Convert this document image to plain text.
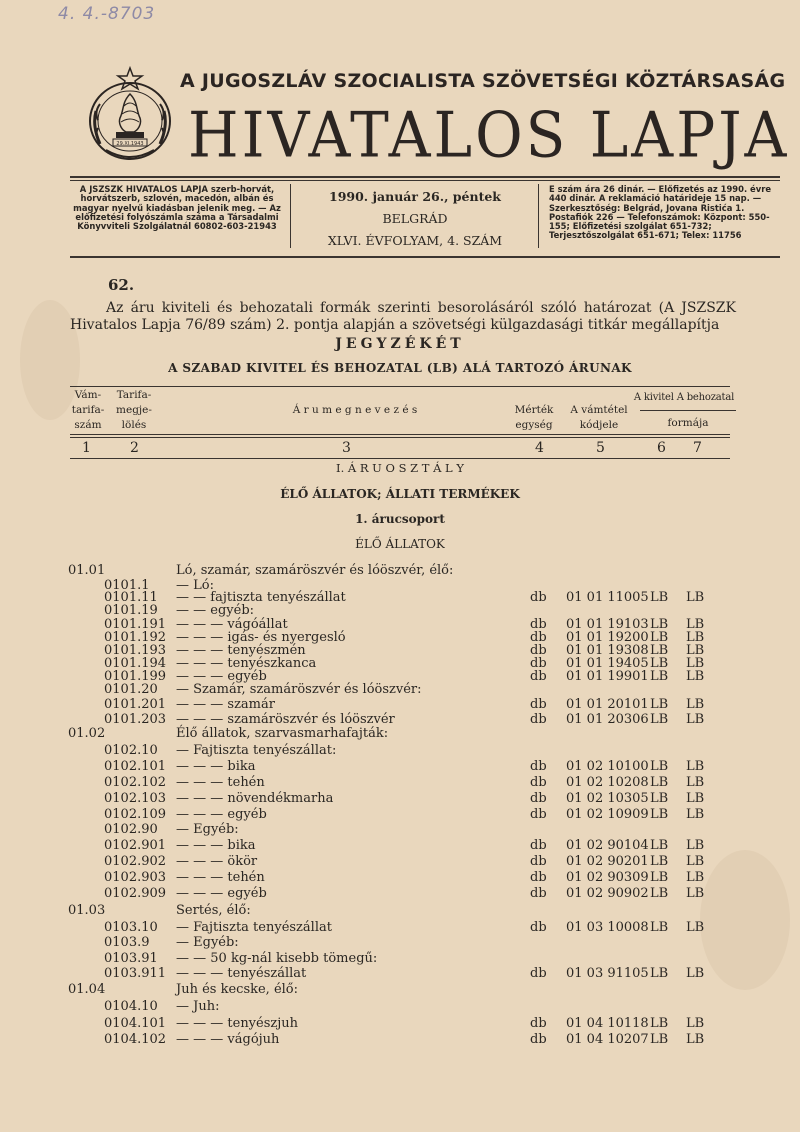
4. 4.-8703
29.XI.1943
A JUGOSZLÁV SZOCIALISTA SZÖVETSÉGI KÖZTÁRSASÁG
HIVATALOS LAPJA
A JSZSZK HIVATALOS LAPJA szerb-horvát, horvátszerb, szlovén, macedón, albán és magyar nyelvű kiadásban jelenik meg. — Az előfizetési folyószámla száma a Társadalmi Könyvviteli Szolgálatnál 60802-603-21943
1990. január 26., péntek
BELGRÁD
XLVI. ÉVFOLYAM, 4. SZÁM
E szám ára 26 dinár. — Előfizetés az 1990. évre 440 dinár. A reklamáció határideje 15 nap. — Szerkesztőség: Belgrád, Jovana Ristića 1. Postafiók 226 — Telefonszámok: Központ: 550-155; Előfizetési szolgálat 651-732; Terjesztőszolgálat 651-671; Telex: 11756
62.
Az áru kiviteli és behozatali formák szerinti besorolásáról szóló határozat (A JSZSZK Hivatalos Lapja 76/89 szám) 2. pontja alapján a szövetségi külgazdasági titkár megállapítja
JEGYZÉKÉT
A SZABAD KIVITEL ÉS BEHOZATAL (LB) ALÁ TARTOZÓ ÁRUNAK
Vám-tarifa-szám
Tarifa-megje-lölés
Á r u m e g n e v e z é s	Mérték egység
A vámtétel kódjele
A kivitel A behozatal
formája
1	2	3	4	5	6 7
I. Á R U O S Z T Á L Y
ÉLŐ ÁLLATOK; ÁLLATI TERMÉKEK
1. árucsoport
ÉLŐ ÁLLATOK
01.01	Ló, szamár, szamáröszvér és lóöszvér, élő:
0101.1 — Ló:
0101.11 — — fajtiszta tenyészállat	db 01 01 11005 LB LB
0101.19 — — egyéb:
0101.191 — — — vágóállat	db 01 01 19103 LB LB
0101.192 — — — igás- és nyergesló	db 01 01 19200 LB LB
0101.193 — — — tenyészmén	db 01 01 19308 LB LB
0101.194 — — — tenyészkanca	db 01 01 19405 LB LB
0101.199 — — — egyéb	db 01 01 19901 LB LB
0101.20 — Szamár, szamáröszvér és lóöszvér:
0101.201 — — — szamár	db 01 01 20101 LB LB
0101.203 — — — szamáröszvér és lóöszvér	db 01 01 20306 LB LB
01.02	Élő állatok, szarvasmarhafajták:
0102.10 — Fajtiszta tenyészállat:
0102.101 — — — bika	db 01 02 10100 LB LB
0102.102 — — — tehén	db 01 02 10208 LB LB
0102.103 — — — növendékmarha	db 01 02 10305 LB LB
0102.109 — — — egyéb	db 01 02 10909 LB LB
0102.90 — Egyéb:
0102.901 — — — bika	db 01 02 90104 LB LB
0102.902 — — — ökör	db 01 02 90201 LB LB
0102.903 — — — tehén	db 01 02 90309 LB LB
0102.909 — — — egyéb	db 01 02 90902 LB LB
01.03	Sertés, élő:
0103.10 — Fajtiszta tenyészállat	db 01 03 10008 LB LB
0103.9 — Egyéb:
0103.91 — — 50 kg-nál kisebb tömegű:
0103.911 — — — tenyészállat	db 01 03 91105 LB LB
01.04	Juh és kecske, élő:
0104.10 — Juh:
0104.101 — — — tenyészjuh	db 01 04 10118 LB LB
0104.102 — — — vágójuh	db 01 04 10207 LB LB
